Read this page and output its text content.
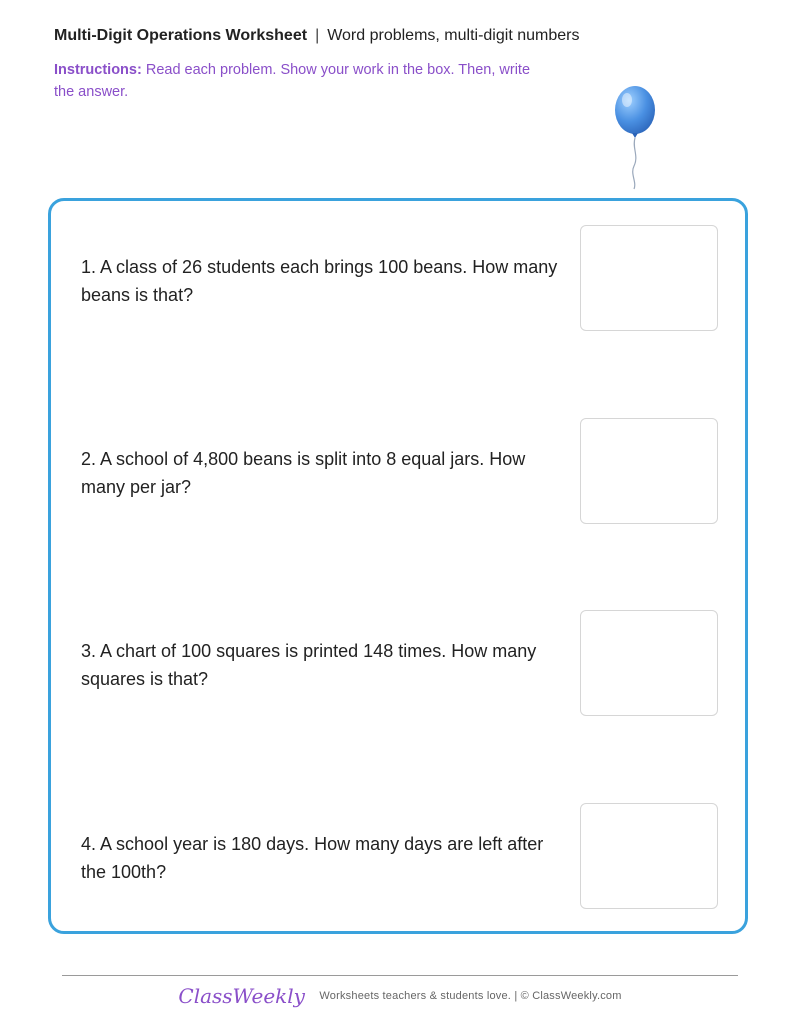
Multi-Digit Operations Worksheet | Word problems, multi-digit numbers
Instructions: Read each problem. Show your work in the box. Then, write the answer.
1. A class of 26 students each brings 100 beans. How many beans is that?
2. A school of 4,800 beans is split into 8 equal jars. How many per jar?
3. A chart of 100 squares is printed 148 times. How many squares is that?
4. A school year is 180 days. How many days are left after the 100th?
ClassWeekly Worksheets teachers & students love. | © ClassWeekly.com
